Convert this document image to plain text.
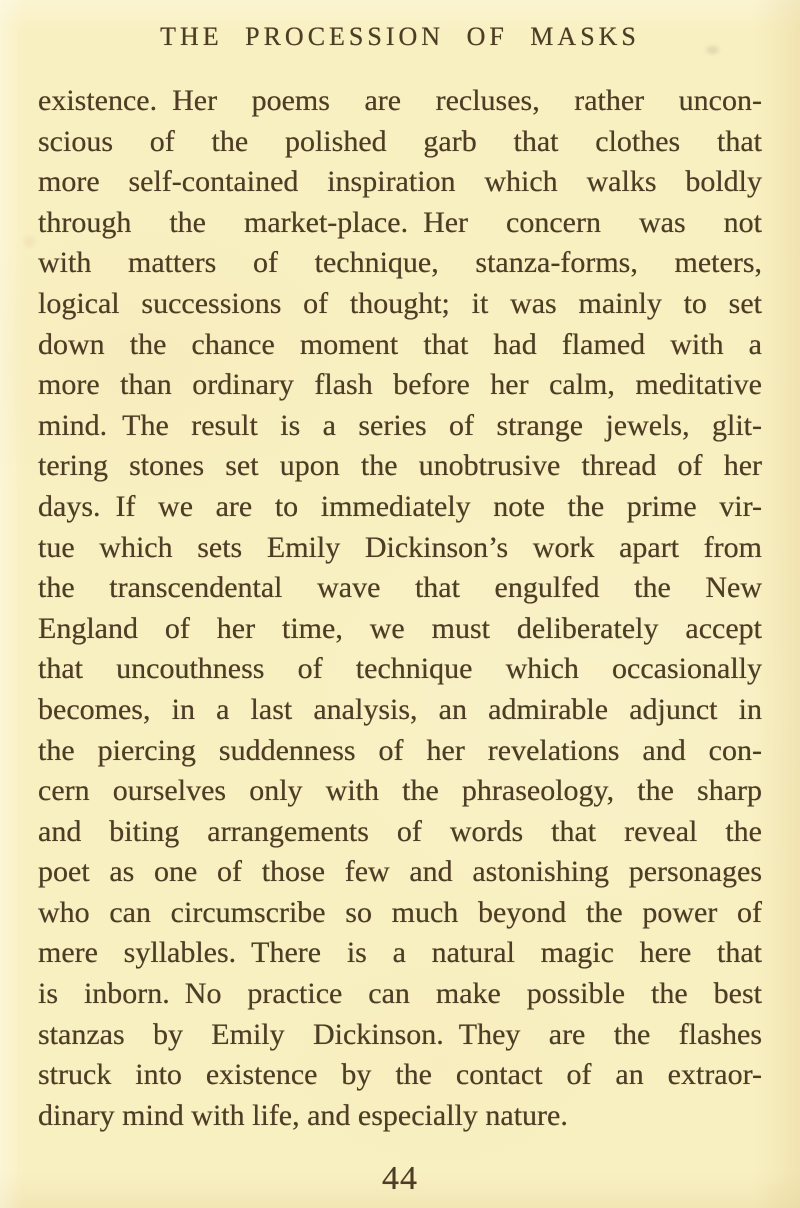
THE PROCESSION OF MASKS
existence. Her poems are recluses, rather uncon-
scious of the polished garb that clothes that
more self-contained inspiration which walks boldly
through the market-place. Her concern was not
with matters of technique, stanza-forms, meters,
logical successions of thought; it was mainly to set
down the chance moment that had flamed with a
more than ordinary flash before her calm, meditative
mind. The result is a series of strange jewels, glit-
tering stones set upon the unobtrusive thread of her
days. If we are to immediately note the prime vir-
tue which sets Emily Dickinson’s work apart from
the transcendental wave that engulfed the New
England of her time, we must deliberately accept
that uncouthness of technique which occasionally
becomes, in a last analysis, an admirable adjunct in
the piercing suddenness of her revelations and con-
cern ourselves only with the phraseology, the sharp
and biting arrangements of words that reveal the
poet as one of those few and astonishing personages
who can circumscribe so much beyond the power of
mere syllables. There is a natural magic here that
is inborn. No practice can make possible the best
stanzas by Emily Dickinson. They are the flashes
struck into existence by the contact of an extraor-
dinary mind with life, and especially nature.
44
